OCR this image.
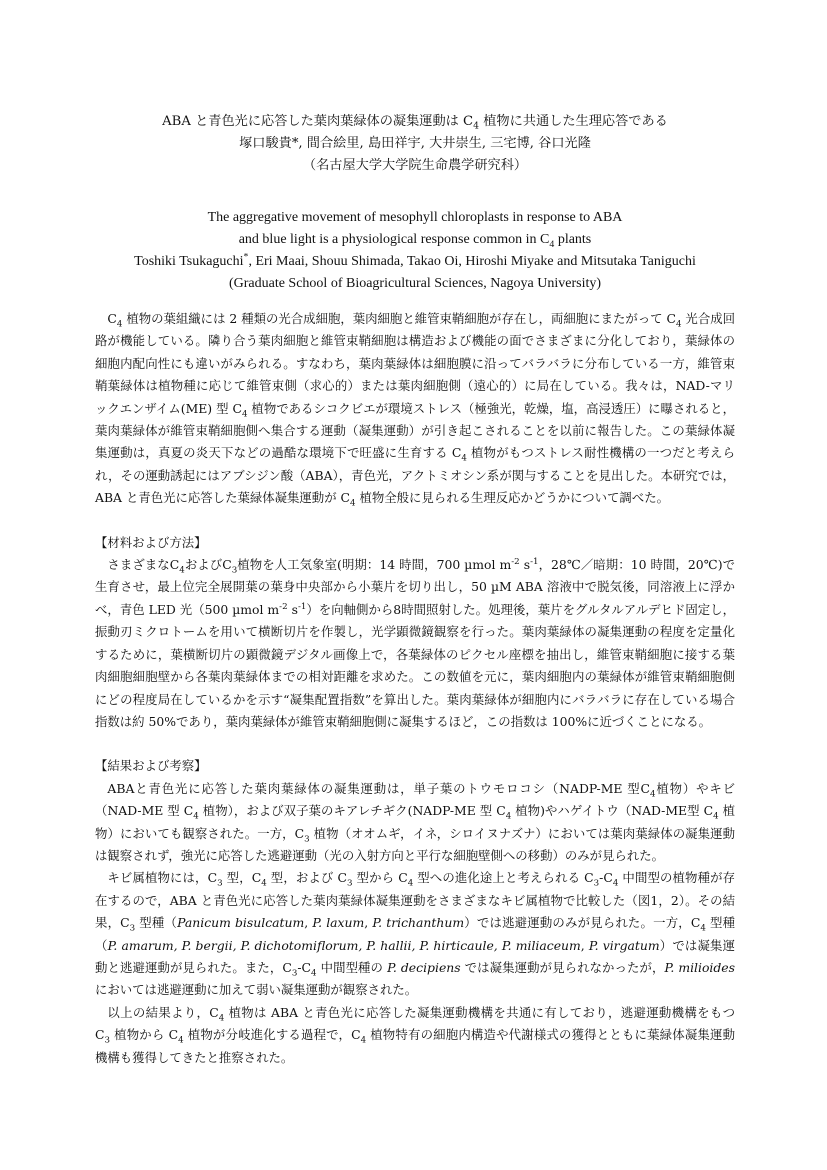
ABA と青色光に応答した葉肉葉緑体の凝集運動は $C_4$ 植物に共通した生理応答である
塚口駿貴*, 間合絵里, 島田祥宇, 大井崇生, 三宅博, 谷口光隆
（名古屋大学大学院生命農学研究科）
The aggregative movement of mesophyll chloroplasts in response to ABA
and blue light is a physiological response common in $C_4$ plants
Toshiki Tsukaguchi*, Eri Maai, Shouu Shimada, Takao Oi, Hiroshi Miyake and Mitsutaka Taniguchi
(Graduate School of Bioagricultural Sciences, Nagoya University)

$C_4$ 植物の葉組織には 2 種類の光合成細胞，葉肉細胞と維管束鞘細胞が存在し，両細胞にまたがって $C_4$ 光合成回路が機能している。隣り合う葉肉細胞と維管束鞘細胞は構造および機能の面でさまざまに分化しており，葉緑体の細胞内配向性にも違いがみられる。すなわち，葉肉葉緑体は細胞膜に沿ってバラバラに分布している一方，維管束鞘葉緑体は植物種に応じて維管束側（求心的）または葉肉細胞側（遠心的）に局在している。我々は，NAD-マリックエンザイム(ME) 型 $C_4$ 植物であるシコクビエが環境ストレス（極強光，乾燥，塩，高浸透圧）に曝されると，葉肉葉緑体が維管束鞘細胞側へ集合する運動（凝集運動）が引き起こされることを以前に報告した。この葉緑体凝集運動は，真夏の炎天下などの過酷な環境下で旺盛に生育する $C_4$ 植物がもつストレス耐性機構の一つだと考えられ，その運動誘起にはアブシジン酸（ABA），青色光，アクトミオシン系が関与することを見出した。本研究では，ABA と青色光に応答した葉緑体凝集運動が $C_4$ 植物全般に見られる生理反応かどうかについて調べた。

【材料および方法】

さまざまな$C_4$および$C_3$植物を人工気象室(明期：14 時間，700 µmol $m^{-2}$ $s^{-1}$，28℃／暗期：10 時間，20℃)で生育させ，最上位完全展開葉の葉身中央部から小葉片を切り出し，50 µM ABA 溶液中で脱気後，同溶液上に浮かべ，青色 LED 光（500 µmol $m^{-2}$ $s^{-1}$）を向軸側から8時間照射した。処理後，葉片をグルタルアルデヒド固定し，振動刃ミクロトームを用いて横断切片を作製し，光学顕微鏡観察を行った。葉肉葉緑体の凝集運動の程度を定量化するために，葉横断切片の顕微鏡デジタル画像上で，各葉緑体のピクセル座標を抽出し，維管束鞘細胞に接する葉肉細胞細胞壁から各葉肉葉緑体までの相対距離を求めた。この数値を元に，葉肉細胞内の葉緑体が維管束鞘細胞側にどの程度局在しているかを示す“凝集配置指数”を算出した。葉肉葉緑体が細胞内にバラバラに存在している場合指数は約 50%であり，葉肉葉緑体が維管束鞘細胞側に凝集するほど，この指数は 100%に近づくことになる。

【結果および考察】

ABAと青色光に応答した葉肉葉緑体の凝集運動は，単子葉のトウモロコシ（NADP-ME 型$C_4$植物）やキビ（NAD-ME 型 $C_4$ 植物），および双子葉のキアレチギク(NADP-ME 型 $C_4$ 植物)やハゲイトウ（NAD-ME型 $C_4$ 植物）においても観察された。一方，$C_3$ 植物（オオムギ，イネ，シロイヌナズナ）においては葉肉葉緑体の凝集運動は観察されず，強光に応答した逃避運動（光の入射方向と平行な細胞壁側への移動）のみが見られた。

キビ属植物には，$C_3$ 型，$C_4$ 型，および $C_3$ 型から $C_4$ 型への進化途上と考えられる $C_3-C_4$ 中間型の植物種が存在するので，ABA と青色光に応答した葉肉葉緑体凝集運動をさまざまなキビ属植物で比較した（図1，2）。その結果，$C_3$ 型種（Panicum bisulcatum, P. laxum, P. trichanthum）では逃避運動のみが見られた。一方，$C_4$ 型種（P. amarum, P. bergii, P. dichotomiflorum, P. hallii, P. hirticaule, P. miliaceum, P. virgatum）では凝集運動と逃避運動が見られた。また，$C_3-C_4$ 中間型種の P. decipiens では凝集運動が見られなかったが，P. milioides においては逃避運動に加えて弱い凝集運動が観察された。

以上の結果より，$C_4$ 植物は ABA と青色光に応答した凝集運動機構を共通に有しており，逃避運動機構をもつ $C_3$ 植物から $C_4$ 植物が分岐進化する過程で，$C_4$ 植物特有の細胞内構造や代謝様式の獲得とともに葉緑体凝集運動機構も獲得してきたと推察された。
